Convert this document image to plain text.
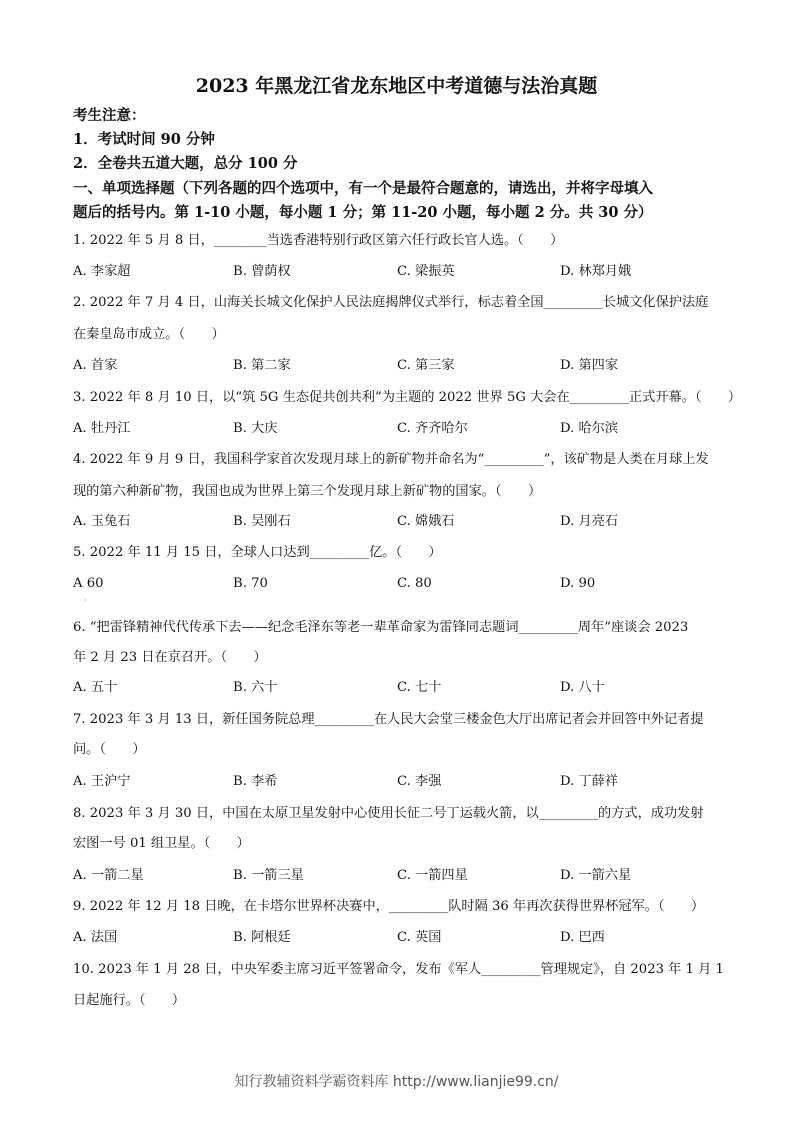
2023 年黑龙江省龙东地区中考道德与法治真题
考生注意：
1．考试时间 90 分钟
2．全卷共五道大题，总分 100 分
一、单项选择题（下列各题的四个选项中，有一个是最符合题意的，请选出，并将字母填入
题后的括号内。第 1-10 小题，每小题 1 分；第 11-20 小题，每小题 2 分。共 30 分）
1. 2022 年 5 月 8 日，________当选香港特别行政区第六任行政长官人选。（　　）
A. 李家超	B. 曾荫权	C. 梁振英	D. 林郑月娥
2. 2022 年 7 月 4 日，山海关长城文化保护人民法庭揭牌仪式举行，标志着全国_________长城文化保护法庭
在秦皇岛市成立。（　　）
A. 首家	B. 第二家	C. 第三家	D. 第四家
3. 2022 年 8 月 10 日，以“筑 5G 生态促共创共利”为主题的 2022 世界 5G 大会在_________正式开幕。（　　）
A. 牡丹江	B. 大庆	C. 齐齐哈尔	D. 哈尔滨
4. 2022 年 9 月 9 日，我国科学家首次发现月球上的新矿物并命名为“_________”，该矿物是人类在月球上发
现的第六种新矿物，我国也成为世界上第三个发现月球上新矿物的国家。（　　）
A. 玉兔石	B. 吴刚石	C. 嫦娥石	D. 月亮石
5. 2022 年 11 月 15 日，全球人口达到_________亿。（　　）
A 60	B. 70	C. 80	D. 90
·
6. “把雷锋精神代代传承下去——纪念毛泽东等老一辈革命家为雷锋同志题词_________周年”座谈会 2023
年 2 月 23 日在京召开。（　　）
A. 五十	B. 六十	C. 七十	D. 八十
7. 2023 年 3 月 13 日，新任国务院总理_________在人民大会堂三楼金色大厅出席记者会并回答中外记者提
问。（　　）
A. 王沪宁	B. 李希	C. 李强	D. 丁薛祥
8. 2023 年 3 月 30 日，中国在太原卫星发射中心使用长征二号丁运载火箭，以_________的方式，成功发射
宏图一号 01 组卫星。（　　）
A. 一箭二星	B. 一箭三星	C. 一箭四星	D. 一箭六星
9. 2022 年 12 月 18 日晚，在卡塔尔世界杯决赛中，_________队时隔 36 年再次获得世界杯冠军。（　　）
A. 法国	B. 阿根廷	C. 英国	D. 巴西
10. 2023 年 1 月 28 日，中央军委主席习近平签署命令，发布《军人_________管理规定》，自 2023 年 1 月 1
日起施行。（　　）
知行教辅资料学霸资料库 http://www.lianjie99.cn/
